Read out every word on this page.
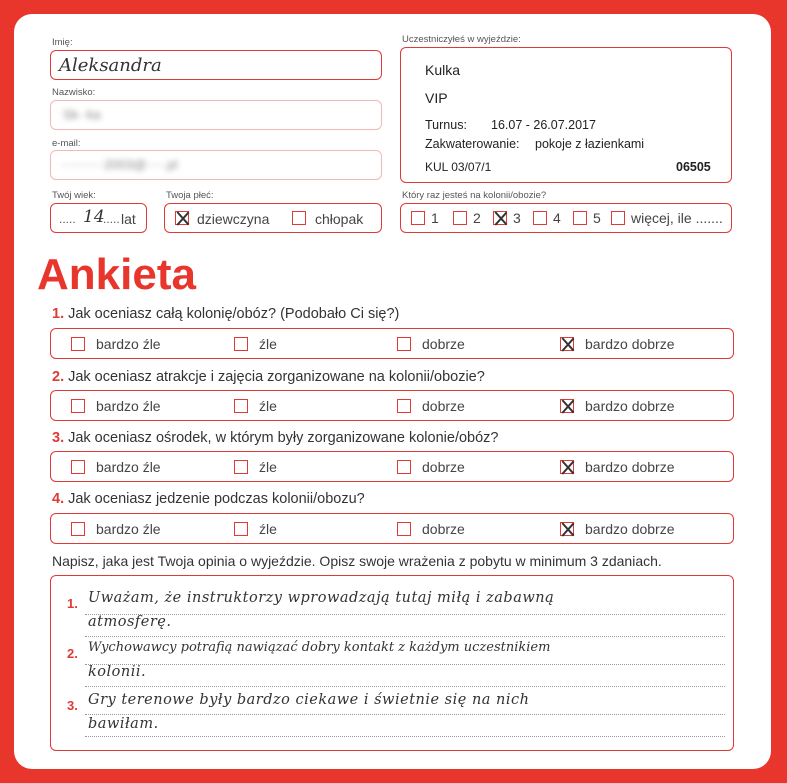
Imię:
Aleksandra
Nazwisko:
Sk··ka
e-mail:
··········2003@····.pl
Twój wiek:
..... 14
..... lat
Twoja płeć:
dziewczyna	chłopak
Uczestniczyłeś w wyjeździe:
Kulka
VIP
Turnus: 16.07 - 26.07.2017
Zakwaterowanie: pokoje z łazienkami
KUL 03/07/1	06505
Który raz jesteś na kolonii/obozie?
1 2 3 4 5 więcej, ile .......
Ankieta
1. Jak oceniasz całą kolonię/obóz? (Podobało Ci się?)
bardzo źle	źle	dobrze	bardzo dobrze
2. Jak oceniasz atrakcje i zajęcia zorganizowane na kolonii/obozie?
bardzo źle	źle	dobrze	bardzo dobrze
3. Jak oceniasz ośrodek, w którym były zorganizowane kolonie/obóz?
bardzo źle	źle	dobrze	bardzo dobrze
4. Jak oceniasz jedzenie podczas kolonii/obozu?
bardzo źle	źle	dobrze	bardzo dobrze
Napisz, jaka jest Twoja opinia o wyjeździe. Opisz swoje wrażenia z pobytu w minimum 3 zdaniach.
1. Uważam, że instruktorzy wprowadzają tutaj miłą i zabawną
atmosferę.
2. Wychowawcy potrafią nawiązać dobry kontakt z każdym uczestnikiem
kolonii.
3. Gry terenowe były bardzo ciekawe i świetnie się na nich
bawiłam.
